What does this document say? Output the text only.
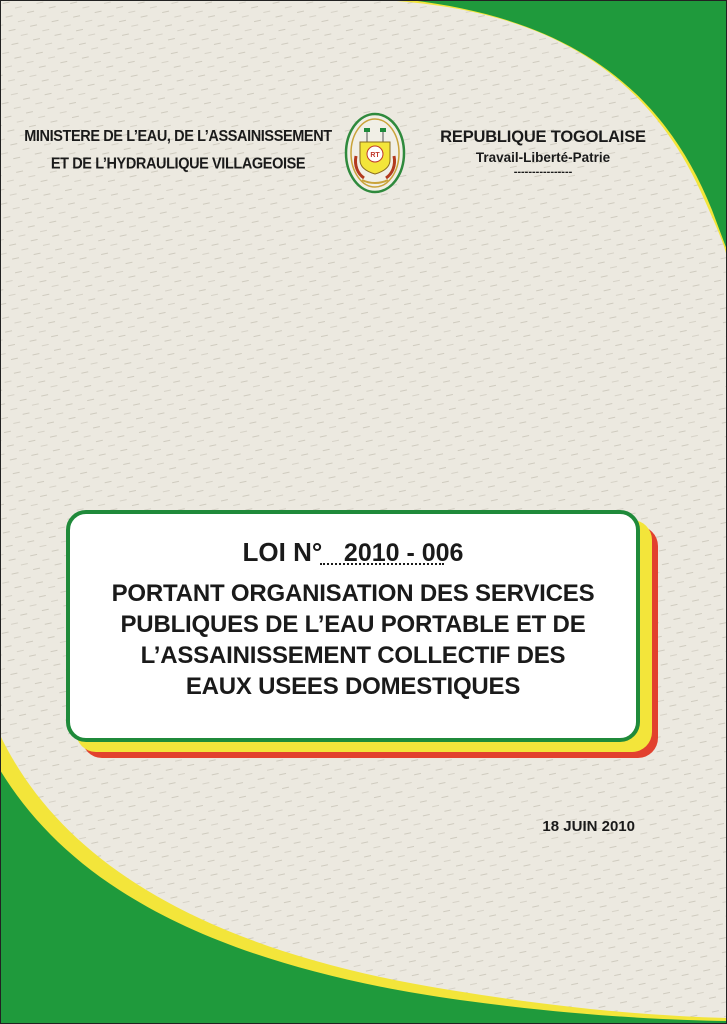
MINISTERE DE L’EAU, DE L’ASSAINISSEMENT
ET DE L’HYDRAULIQUE VILLAGEOISE	RT
REPUBLIQUE TOGOLAISE
Travail-Liberté-Patrie
----------------
LOI N° 2010 - 006
PORTANT ORGANISATION DES SERVICES
PUBLIQUES DE L’EAU PORTABLE ET DE
L’ASSAINISSEMENT COLLECTIF DES
EAUX USEES DOMESTIQUES
18 JUIN 2010
